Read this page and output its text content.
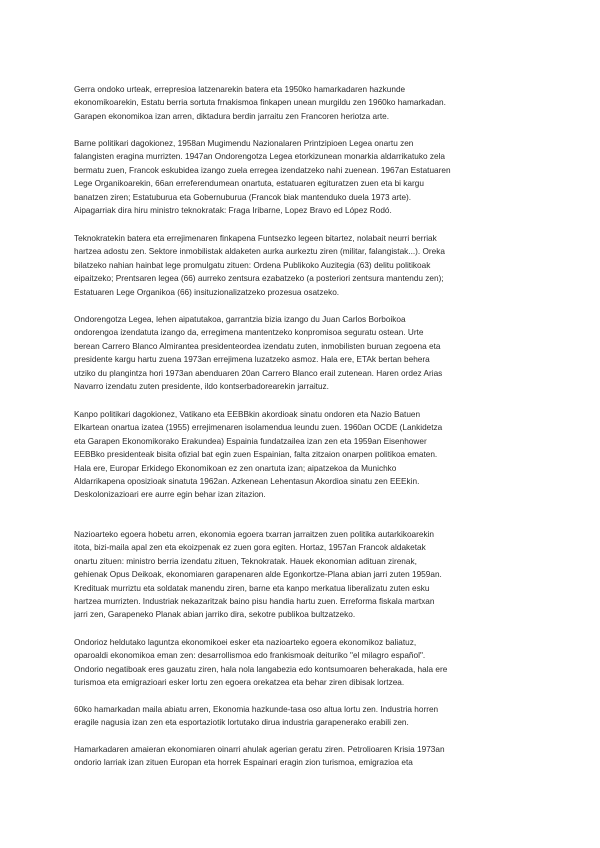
Gerra ondoko urteak, errepresioa latzenarekin batera eta 1950ko hamarkadaren hazkunde
ekonomikoarekin, Estatu berria sortuta frnakismoa finkapen unean murgildu zen 1960ko hamarkadan.
Garapen ekonomikoa izan arren, diktadura berdin jarraitu zen Francoren heriotza arte.
Barne politikari dagokionez, 1958an Mugimendu Nazionalaren Printzipioen Legea onartu zen
falangisten eragina murrizten. 1947an Ondorengotza Legea etorkizunean monarkia aldarrikatuko zela
bermatu zuen, Francok eskubidea izango zuela erregea izendatzeko nahi zuenean. 1967an Estatuaren
Lege Organikoarekin, 66an erreferendumean onartuta, estatuaren egituratzen zuen eta bi kargu
banatzen ziren; Estatuburua eta Gobernuburua (Francok biak mantenduko duela 1973 arte).
Aipagarriak dira hiru ministro teknokratak: Fraga Iribarne, Lopez Bravo ed López Rodó.
Teknokratekin batera eta errejimenaren finkapena Funtsezko legeen bitartez, nolabait neurri berriak
hartzea adostu zen. Sektore inmobilistak aldaketen aurka aurkeztu ziren (militar, falangistak...). Oreka
bilatzeko nahian hainbat lege promulgatu zituen: Ordena Publikoko Auzitegia (63) delitu politikoak
eipaitzeko; Prentsaren legea (66) aurreko zentsura ezabatzeko (a posteriori zentsura mantendu zen);
Estatuaren Lege Organikoa (66) insituzionalizatzeko prozesua osatzeko.
Ondorengotza Legea, lehen aipatutakoa, garrantzia bizia izango du Juan Carlos Borboikoa
ondorengoa izendatuta izango da, erregimena mantentzeko konpromisoa seguratu ostean. Urte
berean Carrero Blanco Almirantea presidenteordea izendatu zuten, inmobilisten buruan zegoena eta
presidente kargu hartu zuena 1973an errejimena luzatzeko asmoz. Hala ere, ETAk bertan behera
utziko du plangintza hori 1973an abenduaren 20an Carrero Blanco erail zutenean. Haren ordez Arias
Navarro izendatu zuten presidente, ildo kontserbadorearekin jarraituz.
Kanpo politikari dagokionez, Vatikano eta EEBBkin akordioak sinatu ondoren eta Nazio Batuen
Elkartean onartua izatea (1955) errejimenaren isolamendua leundu zuen. 1960an OCDE (Lankidetza
eta Garapen Ekonomikorako Erakundea) Espainia fundatzailea izan zen eta 1959an Eisenhower
EEBBko presidenteak bisita ofizial bat egin zuen Espainian, falta zitzaion onarpen politikoa ematen.
Hala ere, Europar Erkidego Ekonomikoan ez zen onartuta izan; aipatzekoa da Munichko
Aldarrikapena oposizioak sinatuta 1962an. Azkenean Lehentasun Akordioa sinatu zen EEEkin.
Deskolonizazioari ere aurre egin behar izan zitazion.
Nazioarteko egoera hobetu arren, ekonomia egoera txarran jarraitzen zuen politika autarkikoarekin
itota, bizi-maila apal zen eta ekoizpenak ez zuen gora egiten. Hortaz, 1957an Francok aldaketak
onartu zituen: ministro berria izendatu zituen, Teknokratak. Hauek ekonomian adituan zirenak,
gehienak Opus Deikoak, ekonomiaren garapenaren alde Egonkortze-Plana abian jarri zuten 1959an.
Kredituak murriztu eta soldatak manendu ziren, barne eta kanpo merkatua liberalizatu zuten esku
hartzea murrizten. Industriak nekazaritzak baino pisu handia hartu zuen. Erreforma fiskala martxan
jarri zen, Garapeneko Planak abian jarriko dira, sekotre publikoa bultzatzeko.
Ondorioz heldutako laguntza ekonomikoei esker eta nazioarteko egoera ekonomikoz baliatuz,
oparoaldi ekonomikoa eman zen: desarrollismoa edo frankismoak deiturikο "el milagro español".
Ondorio negatiboak eres gauzatu ziren, hala nola langabezia edo kontsumoaren beherakada, hala ere
turismoa eta emigrazioari esker lortu zen egoera orekatzea eta behar ziren dibisak lortzea.
60ko hamarkadan maila abiatu arren, Ekonomia hazkunde-tasa oso altua lortu zen. Industria horren
eragile nagusia izan zen eta esportaziotik lortutako dirua industria garapenerako erabili zen.
Hamarkadaren amaieran ekonomiaren oinarri ahulak agerian geratu ziren. Petrolioaren Krisia 1973an
ondorio larriak izan zituen Europan eta horrek Espainari eragin zion turismoa, emigrazioa eta
